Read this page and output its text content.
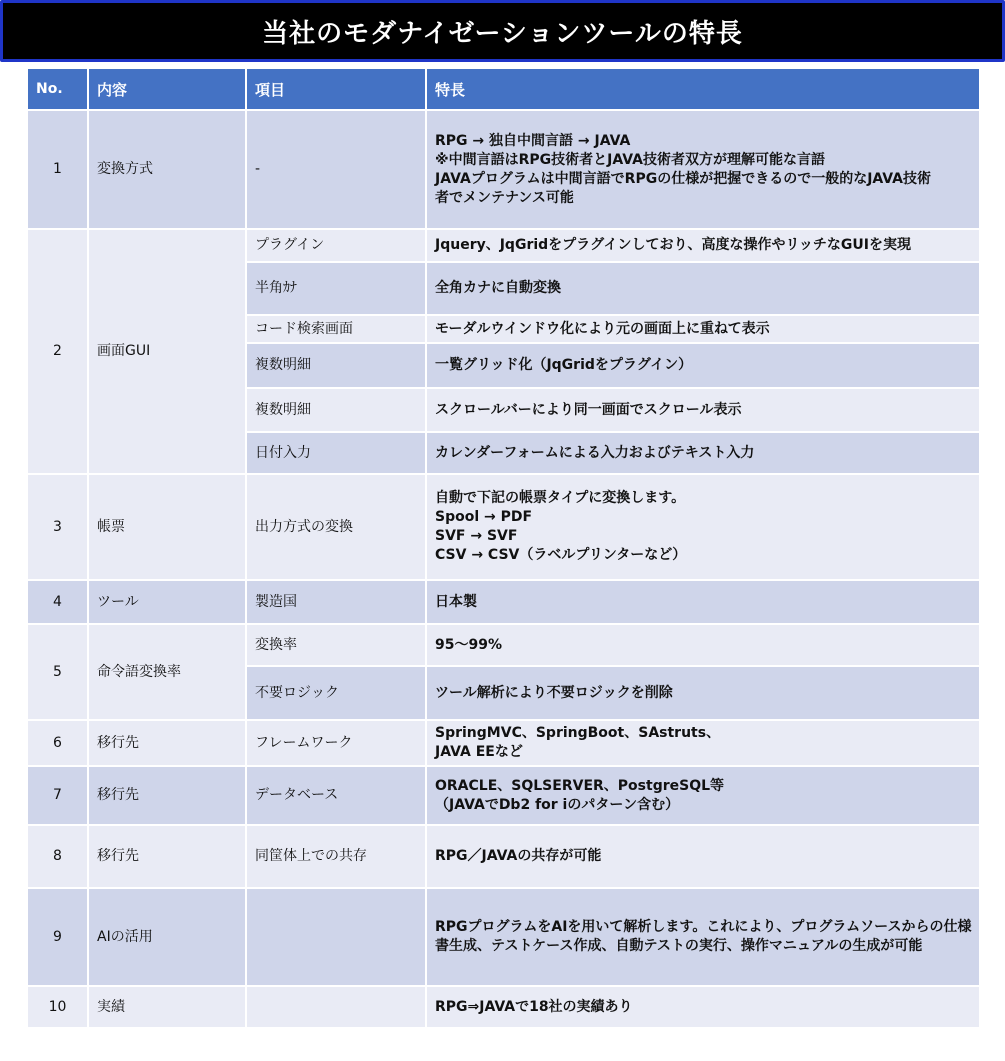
当社のモダナイゼーションツールの特長
No.	内容	項目	特長
1	変換方式	-	RPG → 独自中間言語 → JAVA
※中間言語はRPG技術者とJAVA技術者双方が理解可能な言語
JAVAプログラムは中間言語でRPGの仕様が把握できるので一般的なJAVA技術
者でメンテナンス可能

2	画面GUI	プラグイン	Jquery、JqGridをプラグインしており、高度な操作やリッチなGUIを実現

		半角ｶﾅ	全角カナに自動変換

		コード検索画面	モーダルウインドウ化により元の画面上に重ねて表示

		複数明細	一覧グリッド化（JqGridをプラグイン）

		複数明細	スクロールバーにより同一画面でスクロール表示

		日付入力	カレンダーフォームによる入力およびテキスト入力

3	帳票	出力方式の変換	自動で下記の帳票タイプに変換します。
Spool → PDF
SVF → SVF
CSV → CSV（ラベルプリンターなど）

4	ツール	製造国	日本製

5	命令語変換率	変換率	95～99%

		不要ロジック	ツール解析により不要ロジックを削除

6	移行先	フレームワーク	SpringMVC、SpringBoot、SAstruts、
JAVA EEなど

7	移行先	データベース	ORACLE、SQLSERVER、PostgreSQL等
（JAVAでDb2 for iのパターン含む）

8	移行先	同筐体上での共存	RPG／JAVAの共存が可能

9	AIの活用		RPGプログラムをAIを用いて解析します。これにより、プログラムソースからの仕様
書生成、テストケース作成、自動テストの実行、操作マニュアルの生成が可能

10	実績		RPG⇒JAVAで18社の実績あり
